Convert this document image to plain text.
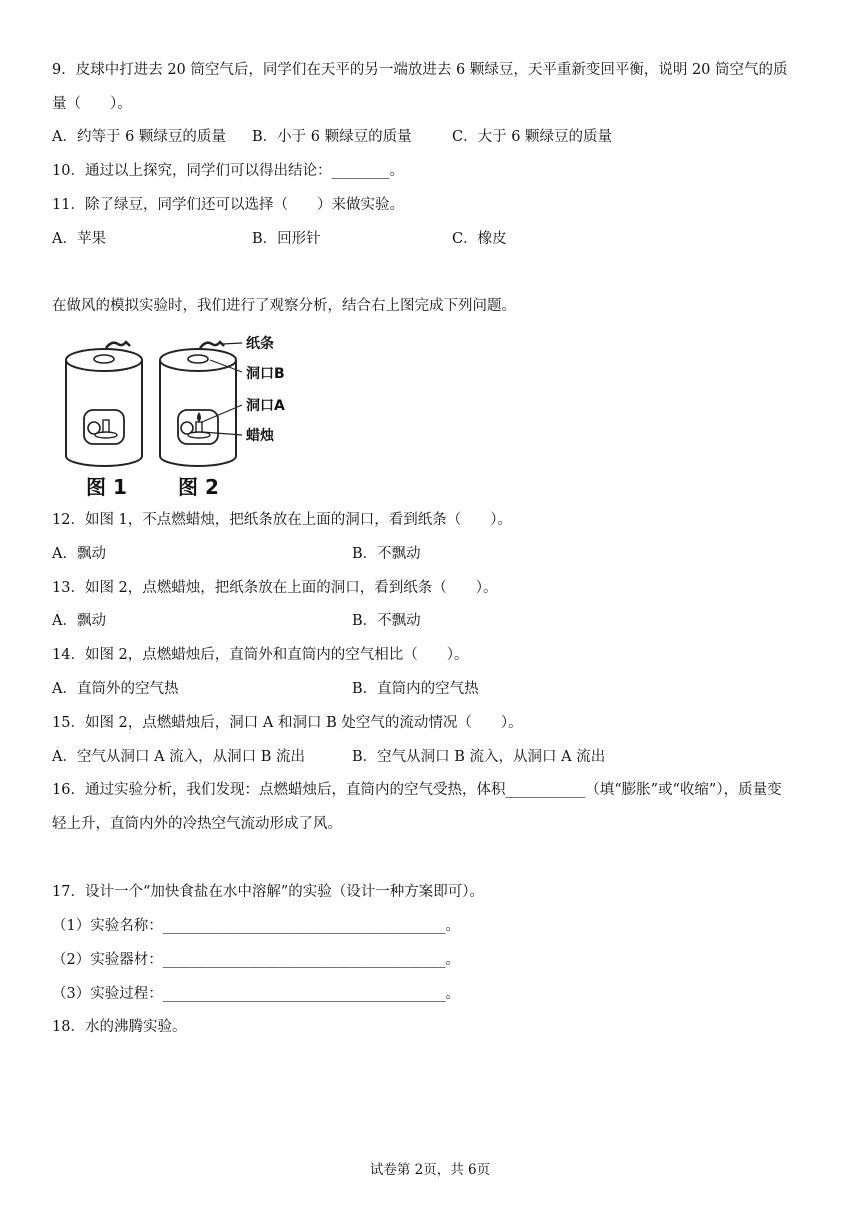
9．皮球中打进去 20 筒空气后，同学们在天平的另一端放进去 6 颗绿豆，天平重新变回平衡，说明 20 筒空气的质
量（　　）。
A．约等于 6 颗绿豆的质量 B．小于 6 颗绿豆的质量	C．大于 6 颗绿豆的质量
10．通过以上探究，同学们可以得出结论：________。
11．除了绿豆，同学们还可以选择（　　）来做实验。
A．苹果	B．回形针	C．橡皮
在做风的模拟实验时，我们进行了观察分析，结合右上图完成下列问题。
纸条
洞口B
洞口A
蜡烛
图 1	图 2
12．如图 1，不点燃蜡烛，把纸条放在上面的洞口，看到纸条（　　）。
A．飘动	B．不飘动
13．如图 2，点燃蜡烛，把纸条放在上面的洞口，看到纸条（　　）。
A．飘动	B．不飘动
14．如图 2，点燃蜡烛后，直筒外和直筒内的空气相比（　　）。
A．直筒外的空气热	B．直筒内的空气热
15．如图 2，点燃蜡烛后，洞口 A 和洞口 B 处空气的流动情况（　　）。
A．空气从洞口 A 流入，从洞口 B 流出	B．空气从洞口 B 流入，从洞口 A 流出
16．通过实验分析，我们发现：点燃蜡烛后，直筒内的空气受热，体积___________（填“膨胀”或“收缩”），质量变
轻上升，直筒内外的冷热空气流动形成了风。
17．设计一个“加快食盐在水中溶解”的实验（设计一种方案即可）。
（1）实验名称：_______________________________________。
（2）实验器材：_______________________________________。
（3）实验过程：_______________________________________。
18．水的沸腾实验。
试卷第 2页，共 6页
